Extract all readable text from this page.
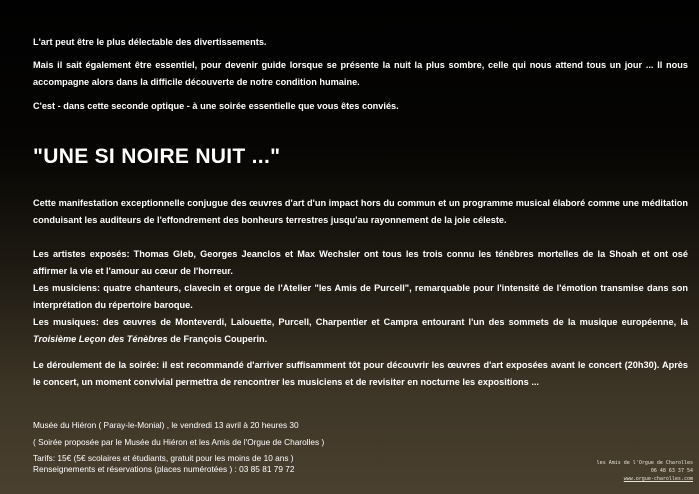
L'art peut être le plus délectable des divertissements.

Mais il sait également être essentiel, pour devenir guide lorsque se présente la nuit la plus sombre, celle qui nous attend tous un jour ... Il nous accompagne alors dans la difficile découverte de notre condition humaine.

C'est - dans cette seconde optique - à une soirée essentielle que vous êtes conviés.

"UNE SI NOIRE NUIT ..."

Cette manifestation exceptionnelle conjugue des œuvres d'art d'un impact hors du commun et un programme musical élaboré comme une méditation conduisant les auditeurs de l'effondrement des bonheurs terrestres jusqu'au rayonnement de la joie céleste.

Les artistes exposés: Thomas Gleb, Georges Jeanclos et Max Wechsler ont tous les trois connu les ténèbres mortelles de la Shoah et ont osé affirmer la vie et l'amour au cœur de l'horreur.

Les musiciens: quatre chanteurs, clavecin et orgue de l'Atelier "les Amis de Purcell", remarquable pour l'intensité de l'émotion transmise dans son interprétation du répertoire baroque.

Les musiques: des œuvres de Monteverdi, Lalouette, Purcell, Charpentier et Campra entourant l'un des sommets de la musique européenne, la Troisième Leçon des Ténèbres de François Couperin.

Le déroulement de la soirée: il est recommandé d'arriver suffisamment tôt pour découvrir les œuvres d'art exposées avant le concert (20h30). Après le concert, un moment convivial permettra de rencontrer les musiciens et de revisiter en nocturne les expositions ...

Musée du Hiéron ( Paray-le-Monial) , le vendredi 13 avril à 20 heures 30

( Soirée proposée par le Musée du Hiéron et les Amis de l'Orgue de Charolles )

Tarifs: 15€ (5€ scolaires et étudiants, gratuit pour les moins de 10 ans )

Renseignements et réservations (places numérotées ) : 03 85 81 79 72

les Amis de l'Orgue de Charolles
06 48 63 37 54
www.orgue-charolles.com
